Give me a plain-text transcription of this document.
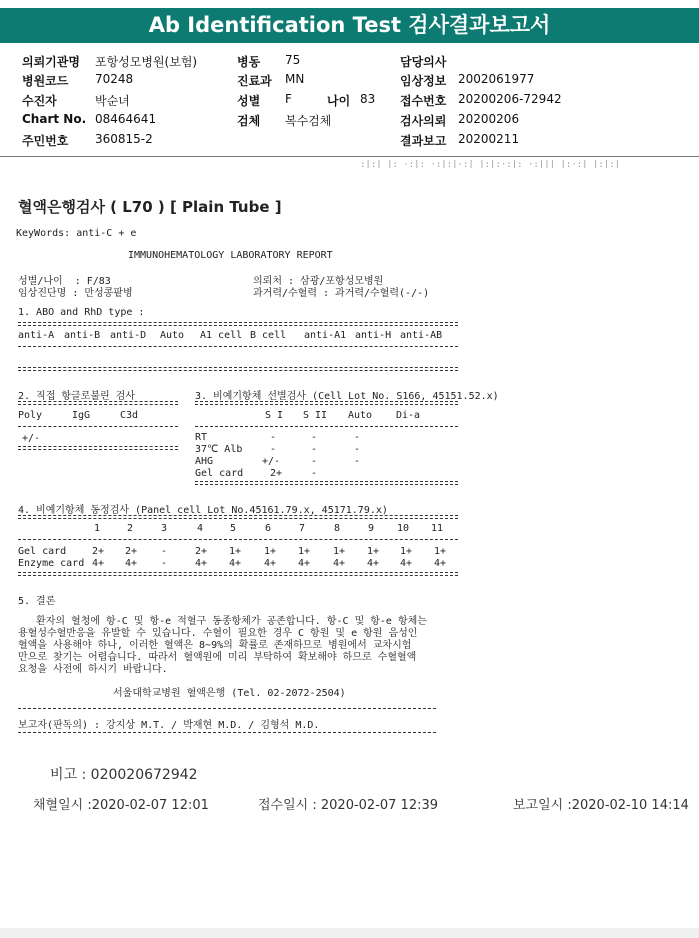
Ab Identification Test 검사결과보고서
의뢰기관명 포항성모병원(보험)	병동 75	담당의사
병원코드 70248	진료과 MN	임상정보 2002061977
수진자	박순녀	성별 F	나이 83 접수번호 20200206-72942
Chart No. 08464641	검체 복수검체	검사의뢰 20200206
주민번호 360815-2	결과보고 20200211
:|:| |: ·:|: ·:|:|·:| |:|:·:|: ·:||| |:·:| |:|:|
혈액은행검사 ( L70 ) [ Plain Tube ]
KeyWords: anti-C + e
IMMUNOHEMATOLOGY LABORATORY REPORT
성별/나이  : F/83
임상진단명 : 만성콩팥병
의뢰처 : 삼광/포항성모병원
과거력/수혈력 : 과거력/수혈력(-/-)
1. ABO and RhD type :
anti-A anti-B anti-D Auto A1 cell B cell anti-A1 anti-H anti-AB
2. 직접 항글로불린 검사
Poly	IgG	C3d
+/-
3. 비예기항체 선별검사 (Cell Lot No. S166, 45151.52.x)
S I S II Auto Di-a
RT	-	-	-
37℃ Alb	-	-	-
AHG	+/-	-	-
Gel card	2+	-
4. 비예기항체 동정검사 (Panel cell Lot No.45161.79.x, 45171.79.x)
1	2	3	4	5	6	7	8	9 10 11
Gel card	2+ 2+ -	2+ 1+ 1+ 1+ 1+ 1+ 1+ 1+
Enzyme card 4+ 4+ -	4+ 4+ 4+ 4+ 4+ 4+ 4+ 4+
5. 결론
환자의 혈청에 항-C 및 항-e 적혈구 동종항체가 공존합니다. 항-C 및 항-e 항체는
용혈성수혈반응을 유발할 수 있습니다. 수혈이 필요한 경우 C 항원 및 e 항원 음성인
혈액을 사용해야 하나, 이러한 혈액은 8~9%의 확률로 존재하므로 병원에서 교차시험
만으로 찾기는 어렵습니다. 따라서 혈액원에 미리 부탁하여 확보해야 하므로 수혈혈액
요청을 사전에 하시기 바랍니다.
서울대학교병원 혈액은행 (Tel. 02-2072-2504)
보고자(판독의) : 강지상 M.T. / 박재현 M.D. / 김형석 M.D.
비고 : 020020672942
채혈일시 :2020-02-07 12:01	접수일시 : 2020-02-07 12:39	보고일시 :2020-02-10 14:14
